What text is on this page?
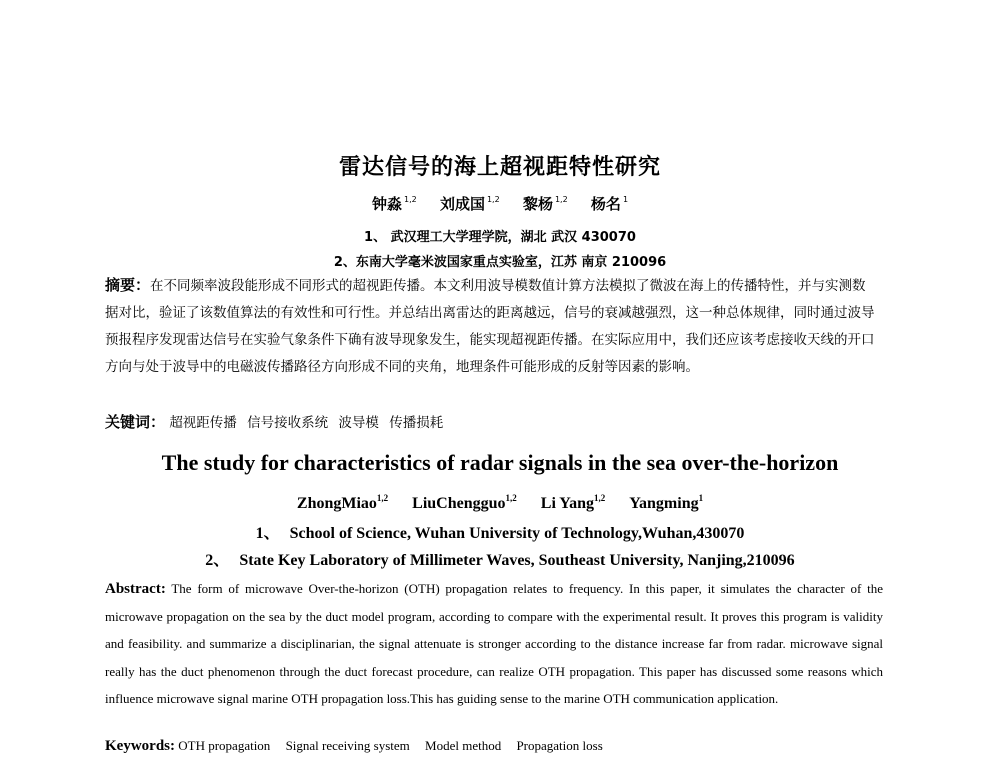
雷达信号的海上超视距特性研究
钟淼 $^{1,2}$ 刘成国 $^{1,2}$ 黎杨 $^{1,2}$ 杨名 $^1$
1、 武汉理工大学理学院，湖北 武汉 430070
2、东南大学毫米波国家重点实验室，江苏 南京 210096
摘要：在不同频率波段能形成不同形式的超视距传播。本文利用波导模数值计算方法模拟了微波在海上的传播特性，并与实测数据对比，验证了该数值算法的有效性和可行性。并总结出离雷达的距离越远，信号的衰减越强烈，这一种总体规律，同时通过波导预报程序发现雷达信号在实验气象条件下确有波导现象发生，能实现超视距传播。在实际应用中，我们还应该考虑接收天线的开口方向与处于波导中的电磁波传播路径方向形成不同的夹角，地理条件可能形成的反射等因素的影响。
关键词： 超视距传播 信号接收系统 波导模 传播损耗
The study for characteristics of radar signals in the sea over-the-horizon
ZhongMiao$^{1,2}$ LiuChengguo$^{1,2}$ Li Yang$^{1,2}$ Yangming$^1$
1、 School of Science, Wuhan University of Technology,Wuhan,430070
2、 State Key Laboratory of Millimeter Waves, Southeast University, Nanjing,210096
Abstract: The form of microwave Over-the-horizon (OTH) propagation relates to frequency. In this paper, it simulates the character of the microwave propagation on the sea by the duct model program, according to compare with the experimental result. It proves this program is validity and feasibility. and summarize a disciplinarian, the signal attenuate is stronger according to the distance increase far from radar. microwave signal really has the duct phenomenon through the duct forecast procedure, can realize OTH propagation. This paper has discussed some reasons which influence microwave signal marine OTH propagation loss.This has guiding sense to the marine OTH communication application.
Keywords: OTH propagation Signal receiving system Model method Propagation loss
